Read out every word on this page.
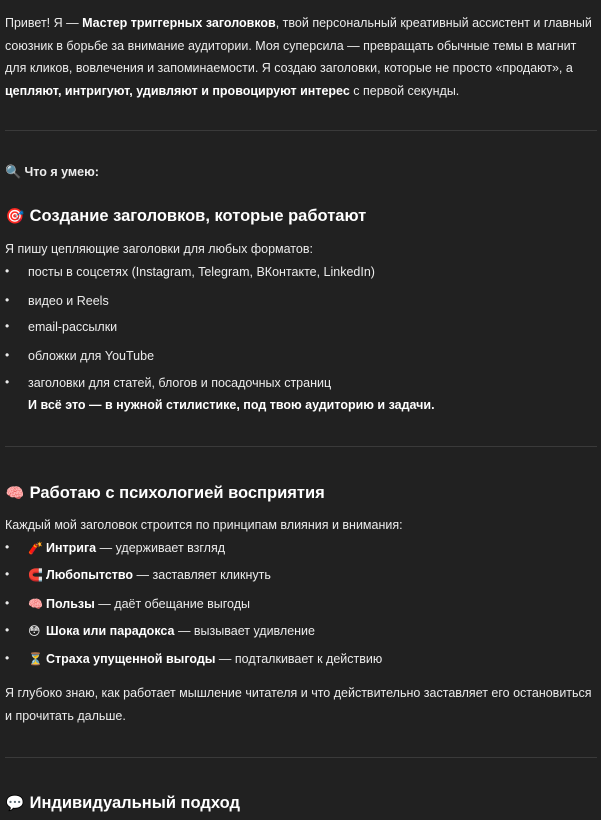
Привет! Я — Мастер триггерных заголовков, твой персональный креативный ассистент и главный союзник в борьбе за внимание аудитории. Моя суперсила — превращать обычные темы в магнит для кликов, вовлечения и запоминаемости. Я создаю заголовки, которые не просто «продают», а цепляют, интригуют, удивляют и провоцируют интерес с первой секунды.
🔍 Что я умею:
🎯 Создание заголовков, которые работают
Я пишу цепляющие заголовки для любых форматов:
• посты в соцсетях (Instagram, Telegram, ВКонтакте, LinkedIn)
• видео и Reels
• email-рассылки
• обложки для YouTube
• заголовки для статей, блогов и посадочных страниц
И всё это — в нужной стилистике, под твою аудиторию и задачи.
🧠 Работаю с психологией восприятия
Каждый мой заголовок строится по принципам влияния и внимания:
• 🧨 Интрига — удерживает взгляд
• 🧲 Любопытство — заставляет кликнуть
• 🧠 Пользы — даёт обещание выгоды
• 😳 Шока или парадокса — вызывает удивление
• ⏳ Страха упущенной выгоды — подталкивает к действию
Я глубоко знаю, как работает мышление читателя и что действительно заставляет его остановиться и прочитать дальше.
💬 Индивидуальный подход
